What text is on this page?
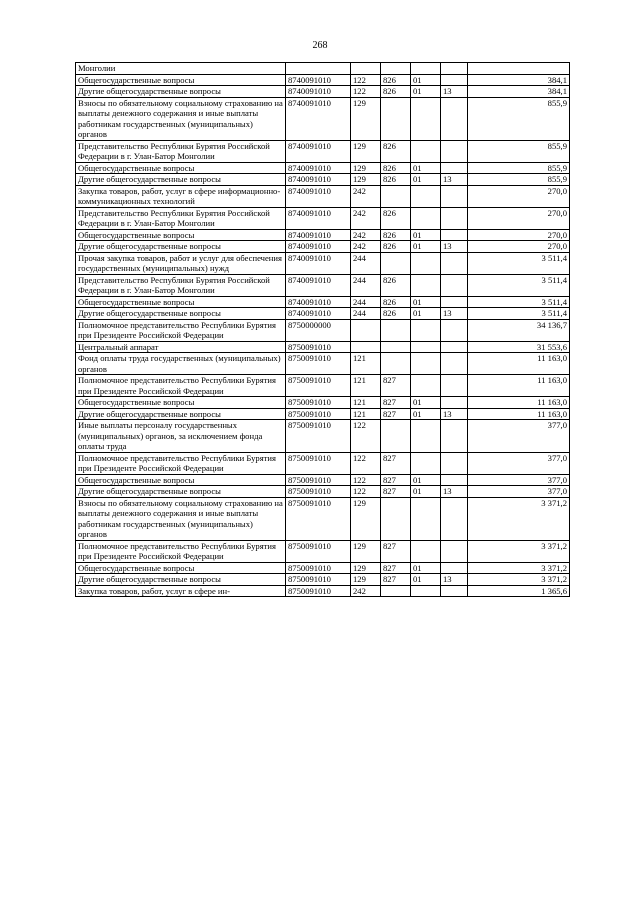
268
Монголии						
Общегосударственные вопросы	8740091010	122	826	01		384,1
Другие общегосударственные вопросы	8740091010	122	826	01	13	384,1
Взносы по обязательному социальному страхованию на выплаты денежного содержания и иные выплаты работникам государственных (муниципальных) органов	8740091010	129				855,9
Представительство Республики Бурятия Российской Федерации в г. Улан-Батор Монголии	8740091010	129	826			855,9
Общегосударственные вопросы	8740091010	129	826	01		855,9
Другие общегосударственные вопросы	8740091010	129	826	01	13	855,9
Закупка товаров, работ, услуг в сфере информационно-коммуникационных технологий	8740091010	242				270,0
Представительство Республики Бурятия Российской Федерации в г. Улан-Батор Монголии	8740091010	242	826			270,0
Общегосударственные вопросы	8740091010	242	826	01		270,0
Другие общегосударственные вопросы	8740091010	242	826	01	13	270,0
Прочая закупка товаров, работ и услуг для обеспечения государственных (муниципальных) нужд	8740091010	244				3 511,4
Представительство Республики Бурятия Российской Федерации в г. Улан-Батор Монголии	8740091010	244	826			3 511,4
Общегосударственные вопросы	8740091010	244	826	01		3 511,4
Другие общегосударственные вопросы	8740091010	244	826	01	13	3 511,4
Полномочное представительство Республики Бурятия при Президенте Российской Федерации	8750000000					34 136,7
Центральный аппарат	8750091010					31 553,6
Фонд оплаты труда государственных (муниципальных) органов	8750091010	121				11 163,0
Полномочное представительство Республики Бурятия при Президенте Российской Федерации	8750091010	121	827			11 163,0
Общегосударственные вопросы	8750091010	121	827	01		11 163,0
Другие общегосударственные вопросы	8750091010	121	827	01	13	11 163,0
Иные выплаты персоналу государственных (муниципальных) органов, за исключением фонда оплаты труда	8750091010	122				377,0
Полномочное представительство Республики Бурятия при Президенте Российской Федерации	8750091010	122	827			377,0
Общегосударственные вопросы	8750091010	122	827	01		377,0
Другие общегосударственные вопросы	8750091010	122	827	01	13	377,0
Взносы по обязательному социальному страхованию на выплаты денежного содержания и иные выплаты работникам государственных (муниципальных) органов	8750091010	129				3 371,2
Полномочное представительство Республики Бурятия при Президенте Российской Федерации	8750091010	129	827			3 371,2
Общегосударственные вопросы	8750091010	129	827	01		3 371,2
Другие общегосударственные вопросы	8750091010	129	827	01	13	3 371,2
Закупка товаров, работ, услуг в сфере ин-	8750091010	242				1 365,6
